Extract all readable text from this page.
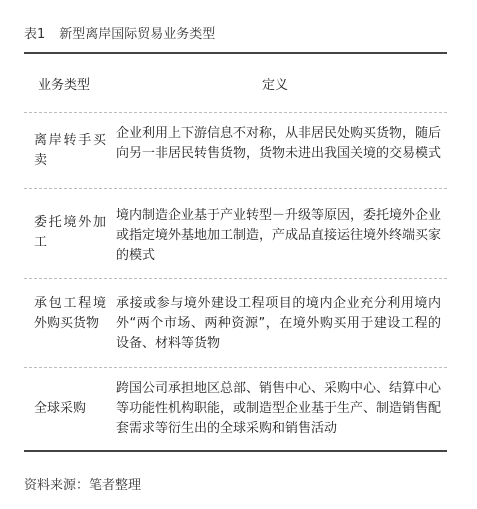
表1 新型离岸国际贸易业务类型
业务类型	定义
离岸转手买卖
企业利用上下游信息不对称，从非居民处购买货物，随后向另一非居民转售货物，货物未进出我国关境的交易模式
委托境外加工
境内制造企业基于产业转型－升级等原因，委托境外企业或指定境外基地加工制造，产成品直接运往境外终端买家的模式
承包工程境外购买货物
承接或参与境外建设工程项目的境内企业充分利用境内外“两个市场、两种资源”，在境外购买用于建设工程的设备、材料等货物
全球采购
跨国公司承担地区总部、销售中心、采购中心、结算中心等功能性机构职能，或制造型企业基于生产、制造销售配套需求等衍生出的全球采购和销售活动
资料来源：笔者整理
